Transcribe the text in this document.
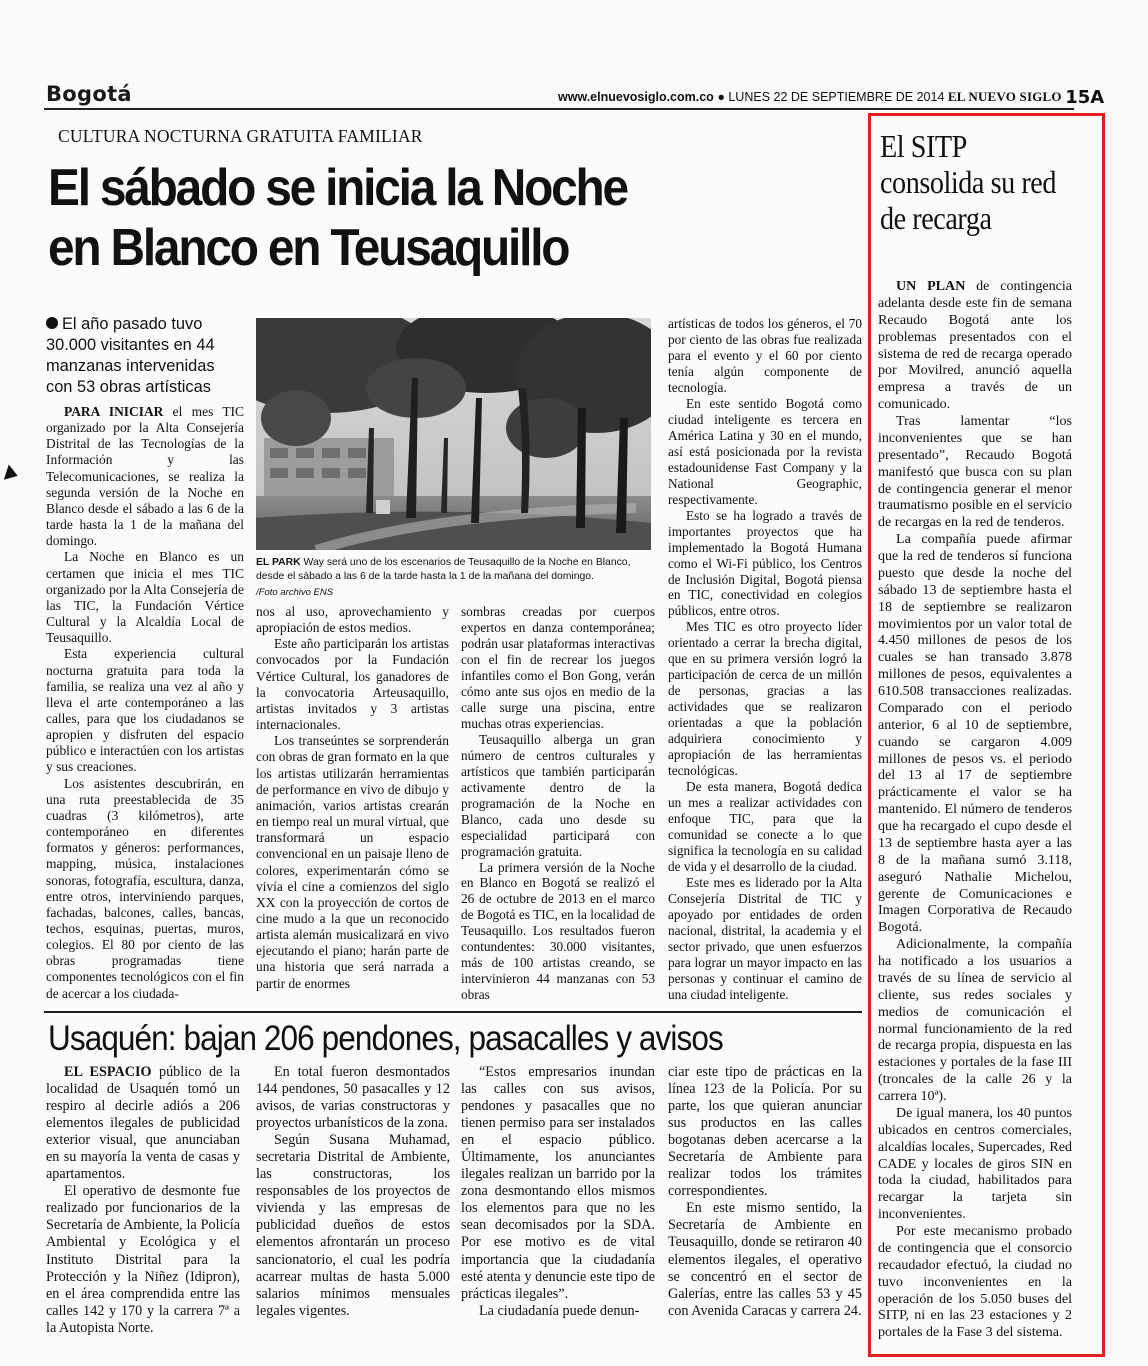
Bogotá	www.elnuevosiglo.com.co ● LUNES 22 DE SEPTIEMBRE DE 2014 EL NUEVO SIGLO 15A
CULTURA NOCTURNA GRATUITA FAMILIAR
El sábado se inicia la Noche
en Blanco en Teusaquillo
El año pasado tuvo 30.000 visitantes en 44 manzanas intervenidas con 53 obras artísticas
EL PARK Way será uno de los escenarios de Teusaquillo de la Noche en Blanco, desde el sábado a las 6 de la tarde hasta la 1 de la mañana del domingo.
/Foto archivo ENS

PARA INICIAR el mes TIC organizado por la Alta Consejería Distrital de las Tecnologías de la Información y las Telecomunicaciones, se realiza la segunda versión de la Noche en Blanco desde el sábado a las 6 de la tarde hasta la 1 de la mañana del domingo.

La Noche en Blanco es un certamen que inicia el mes TIC organizado por la Alta Consejería de las TIC, la Fundación Vértice Cultural y la Alcaldía Local de Teusaquillo.

Esta experiencia cultural nocturna gratuita para toda la familia, se realiza una vez al año y lleva el arte contemporáneo a las calles, para que los ciudadanos se apropien y disfruten del espacio público e interactúen con los artistas y sus creaciones.

Los asistentes descubrirán, en una ruta preestablecida de 35 cuadras (3 kilómetros), arte contemporáneo en diferentes formatos y géneros: performances, mapping, música, instalaciones sonoras, fotografía, escultura, danza, entre otros, interviniendo parques, fachadas, balcones, calles, bancas, techos, esquinas, puertas, muros, colegios. El 80 por ciento de las obras programadas tiene componentes tecnológicos con el fin de acercar a los ciudada-

nos al uso, aprovechamiento y apropiación de estos medios.

Este año participarán los artistas convocados por la Fundación Vértice Cultural, los ganadores de la convocatoria Arteusaquillo, artistas invitados y 3 artistas internacionales.

Los transeúntes se sorprenderán con obras de gran formato en la que los artistas utilizarán herramientas de performance en vivo de dibujo y animación, varios artistas crearán en tiempo real un mural virtual, que transformará un espacio convencional en un paisaje lleno de colores, experimentarán cómo se vivía el cine a comienzos del siglo XX con la proyección de cortos de cine mudo a la que un reconocido artista alemán musicalizará en vivo ejecutando el piano; harán parte de una historia que será narrada a partir de enormes

sombras creadas por cuerpos expertos en danza contemporánea; podrán usar plataformas interactivas con el fin de recrear los juegos infantiles como el Bon Gong, verán cómo ante sus ojos en medio de la calle surge una piscina, entre muchas otras experiencias.

Teusaquillo alberga un gran número de centros culturales y artísticos que también participarán activamente dentro de la programación de la Noche en Blanco, cada uno desde su especialidad participará con programación gratuita.

La primera versión de la Noche en Blanco en Bogotá se realizó el 26 de octubre de 2013 en el marco de Bogotá es TIC, en la localidad de Teusaquillo. Los resultados fueron contundentes: 30.000 visitantes, más de 100 artistas creando, se intervinieron 44 manzanas con 53 obras

artísticas de todos los géneros, el 70 por ciento de las obras fue realizada para el evento y el 60 por ciento tenía algún componente de tecnología.

En este sentido Bogotá como ciudad inteligente es tercera en América Latina y 30 en el mundo, así está posicionada por la revista estadounidense Fast Company y la National Geographic, respectivamente.

Esto se ha logrado a través de importantes proyectos que ha implementado la Bogotá Humana como el Wi-Fi público, los Centros de Inclusión Digital, Bogotá piensa en TIC, conectividad en colegios públicos, entre otros.

Mes TIC es otro proyecto líder orientado a cerrar la brecha digital, que en su primera versión logró la participación de cerca de un millón de personas, gracias a las actividades que se realizaron orientadas a que la población adquiriera conocimiento y apropiación de las herramientas tecnológicas.

De esta manera, Bogotá dedica un mes a realizar actividades con enfoque TIC, para que la comunidad se conecte a lo que significa la tecnología en su calidad de vida y el desarrollo de la ciudad.

Este mes es liderado por la Alta Consejería Distrital de TIC y apoyado por entidades de orden nacional, distrital, la academia y el sector privado, que unen esfuerzos para lograr un mayor impacto en las personas y continuar el camino de una ciudad inteligente.

Usaquén: bajan 206 pendones, pasacalles y avisos

EL ESPACIO público de la localidad de Usaquén tomó un respiro al decirle adiós a 206 elementos ilegales de publicidad exterior visual, que anunciaban en su mayoría la venta de casas y apartamentos.

El operativo de desmonte fue realizado por funcionarios de la Secretaría de Ambiente, la Policía Ambiental y Ecológica y el Instituto Distrital para la Protección y la Niñez (Idipron), en el área comprendida entre las calles 142 y 170 y la carrera 7ª a la Autopista Norte.

En total fueron desmontados 144 pendones, 50 pasacalles y 12 avisos, de varias constructoras y proyectos urbanísticos de la zona.

Según Susana Muhamad, secretaria Distrital de Ambiente, las constructoras, los responsables de los proyectos de vivienda y las empresas de publicidad dueños de estos elementos afrontarán un proceso sancionatorio, el cual les podría acarrear multas de hasta 5.000 salarios mínimos mensuales legales vigentes.

“Estos empresarios inundan las calles con sus avisos, pendones y pasacalles que no tienen permiso para ser instalados en el espacio público. Últimamente, los anunciantes ilegales realizan un barrido por la zona desmontando ellos mismos los elementos para que no les sean decomisados por la SDA. Por ese motivo es de vital importancia que la ciudadanía esté atenta y denuncie este tipo de prácticas ilegales”.

La ciudadanía puede denun-

ciar este tipo de prácticas en la línea 123 de la Policía. Por su parte, los que quieran anunciar sus productos en las calles bogotanas deben acercarse a la Secretaría de Ambiente para realizar todos los trámites correspondientes.

En este mismo sentido, la Secretaría de Ambiente en Teusaquillo, donde se retiraron 40 elementos ilegales, el operativo se concentró en el sector de Galerías, entre las calles 53 y 45 con Avenida Caracas y carrera 24.

El SITP consolida su red de recarga

UN PLAN de contingencia adelanta desde este fin de semana Recaudo Bogotá ante los problemas presentados con el sistema de red de recarga operado por Movilred, anunció aquella empresa a través de un comunicado.

Tras lamentar “los inconvenientes que se han presentado”, Recaudo Bogotá manifestó que busca con su plan de contingencia generar el menor traumatismo posible en el servicio de recargas en la red de tenderos.

La compañía puede afirmar que la red de tenderos sí funciona puesto que desde la noche del sábado 13 de septiembre hasta el 18 de septiembre se realizaron movimientos por un valor total de 4.450 millones de pesos de los cuales se han transado 3.878 millones de pesos, equivalentes a 610.508 transacciones realizadas. Comparado con el periodo anterior, 6 al 10 de septiembre, cuando se cargaron 4.009 millones de pesos vs. el periodo del 13 al 17 de septiembre prácticamente el valor se ha mantenido. El número de tenderos que ha recargado el cupo desde el 13 de septiembre hasta ayer a las 8 de la mañana sumó 3.118, aseguró Nathalie Michelou, gerente de Comunicaciones e Imagen Corporativa de Recaudo Bogotá.

Adicionalmente, la compañía ha notificado a los usuarios a través de su línea de servicio al cliente, sus redes sociales y medios de comunicación el normal funcionamiento de la red de recarga propia, dispuesta en las estaciones y portales de la fase III (troncales de la calle 26 y la carrera 10ª).

De igual manera, los 40 puntos ubicados en centros comerciales, alcaldías locales, Supercades, Red CADE y locales de giros SIN en toda la ciudad, habilitados para recargar la tarjeta sin inconvenientes.

Por este mecanismo probado de contingencia que el consorcio recaudador efectuó, la ciudad no tuvo inconvenientes en la operación de los 5.050 buses del SITP, ni en las 23 estaciones y 2 portales de la Fase 3 del sistema.
